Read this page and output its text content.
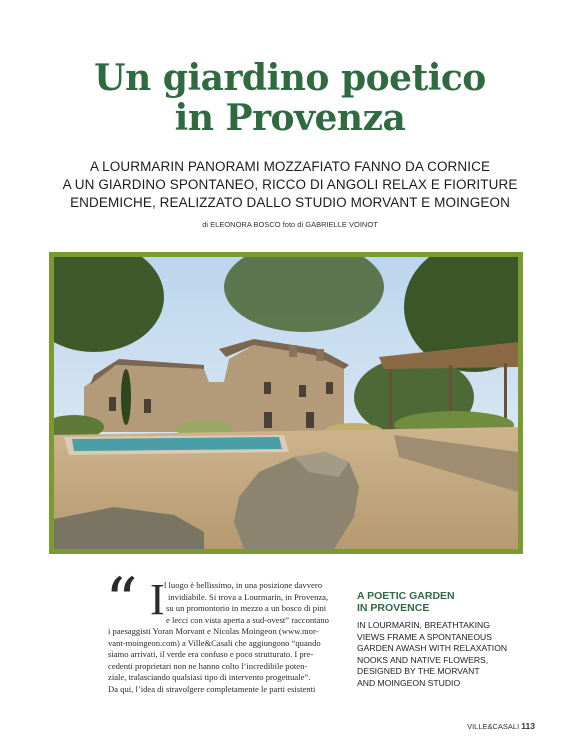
Un giardino poetico
in Provenza
A LOURMARIN PANORAMI MOZZAFIATO FANNO DA CORNICE
A UN GIARDINO SPONTANEO, RICCO DI ANGOLI RELAX E FIORITURE
ENDEMICHE, REALIZZATO DALLO STUDIO MORVANT E MOINGEON
di ELEONORA BOSCO foto di GABRIELLE VOINOT
“ I l luogo è bellissimo, in una posizione davvero
invidiabile. Si trova a Lourmarin, in Provenza,
su un promontorio in mezzo a un bosco di pini
e lecci con vista aperta a sud-ovest” raccontano
i paesaggisti Yoran Morvant e Nicolas Moingeon (www.mor-
vant-moingeon.com) a Ville&Casali che aggiungono “quando
siamo arrivati, il verde era confuso e poco strutturato. I pre-
cedenti proprietari non ne hanno colto l’incredibile poten-
ziale, tralasciando qualsiasi tipo di intervento progettuale”.
Da qui, l’idea di stravolgere completamente le parti esistenti
A POETIC GARDEN
IN PROVENCE
IN LOURMARIN, BREATHTAKING
VIEWS FRAME A SPONTANEOUS
GARDEN AWASH WITH RELAXATION
NOOKS AND NATIVE FLOWERS,
DESIGNED BY THE MORVANT
AND MOINGEON STUDIO
VILLE&CASALI 113
